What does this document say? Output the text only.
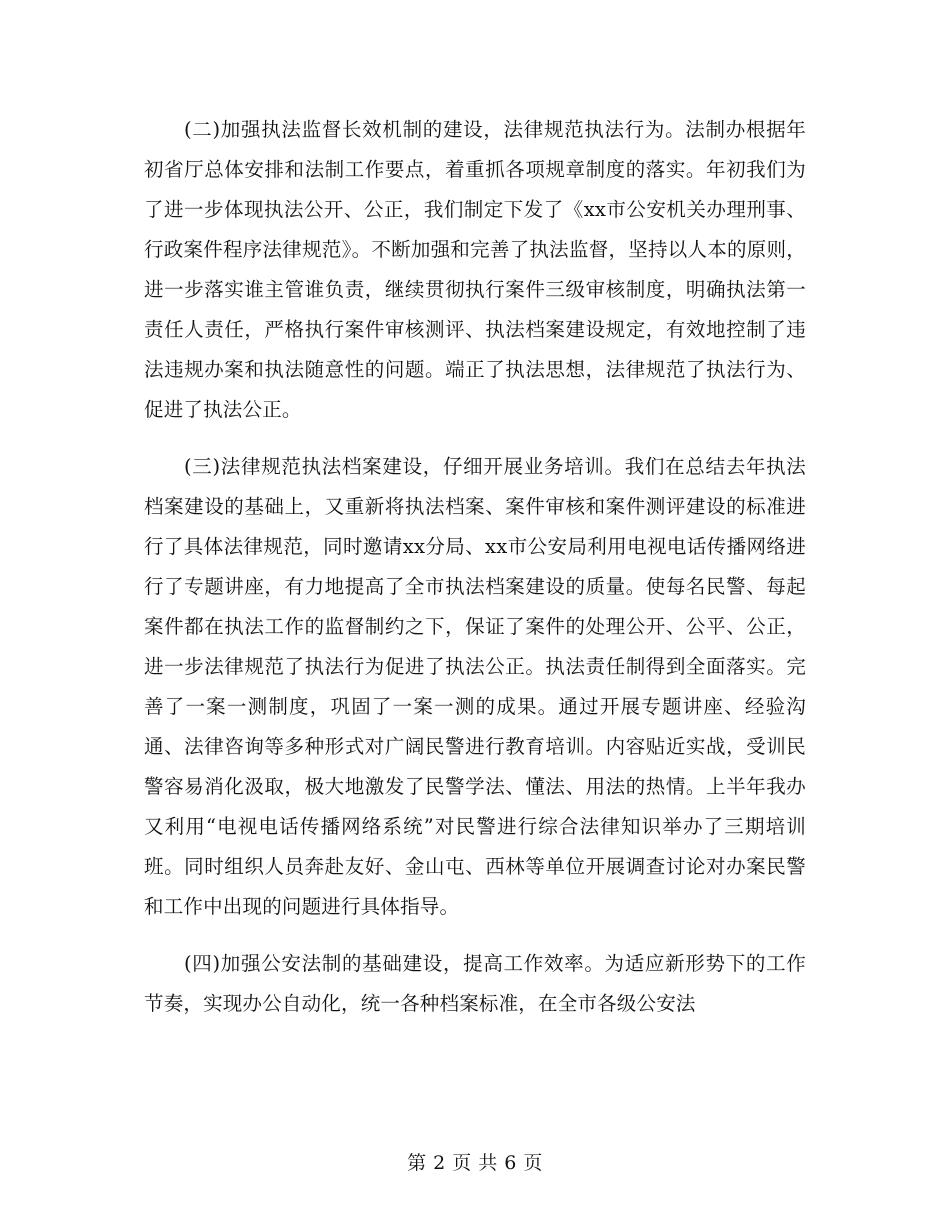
(二)加强执法监督长效机制的建设，法律规范执法行为。法制办根据年初省厅总体安排和法制工作要点，着重抓各项规章制度的落实。年初我们为了进一步体现执法公开、公正，我们制定下发了《xx市公安机关办理刑事、行政案件程序法律规范》。不断加强和完善了执法监督，坚持以人本的原则，进一步落实谁主管谁负责，继续贯彻执行案件三级审核制度，明确执法第一责任人责任，严格执行案件审核测评、执法档案建设规定，有效地控制了违法违规办案和执法随意性的问题。端正了执法思想，法律规范了执法行为、促进了执法公正。

(三)法律规范执法档案建设，仔细开展业务培训。我们在总结去年执法档案建设的基础上，又重新将执法档案、案件审核和案件测评建设的标准进行了具体法律规范，同时邀请xx分局、xx市公安局利用电视电话传播网络进行了专题讲座，有力地提高了全市执法档案建设的质量。使每名民警、每起案件都在执法工作的监督制约之下，保证了案件的处理公开、公平、公正，进一步法律规范了执法行为促进了执法公正。执法责任制得到全面落实。完善了一案一测制度，巩固了一案一测的成果。通过开展专题讲座、经验沟通、法律咨询等多种形式对广阔民警进行教育培训。内容贴近实战，受训民警容易消化汲取，极大地激发了民警学法、懂法、用法的热情。上半年我办又利用“电视电话传播网络系统”对民警进行综合法律知识举办了三期培训班。同时组织人员奔赴友好、金山屯、西林等单位开展调查讨论对办案民警和工作中出现的问题进行具体指导。

(四)加强公安法制的基础建设，提高工作效率。为适应新形势下的工作节奏，实现办公自动化，统一各种档案标准，在全市各级公安法

第 2 页 共 6 页
